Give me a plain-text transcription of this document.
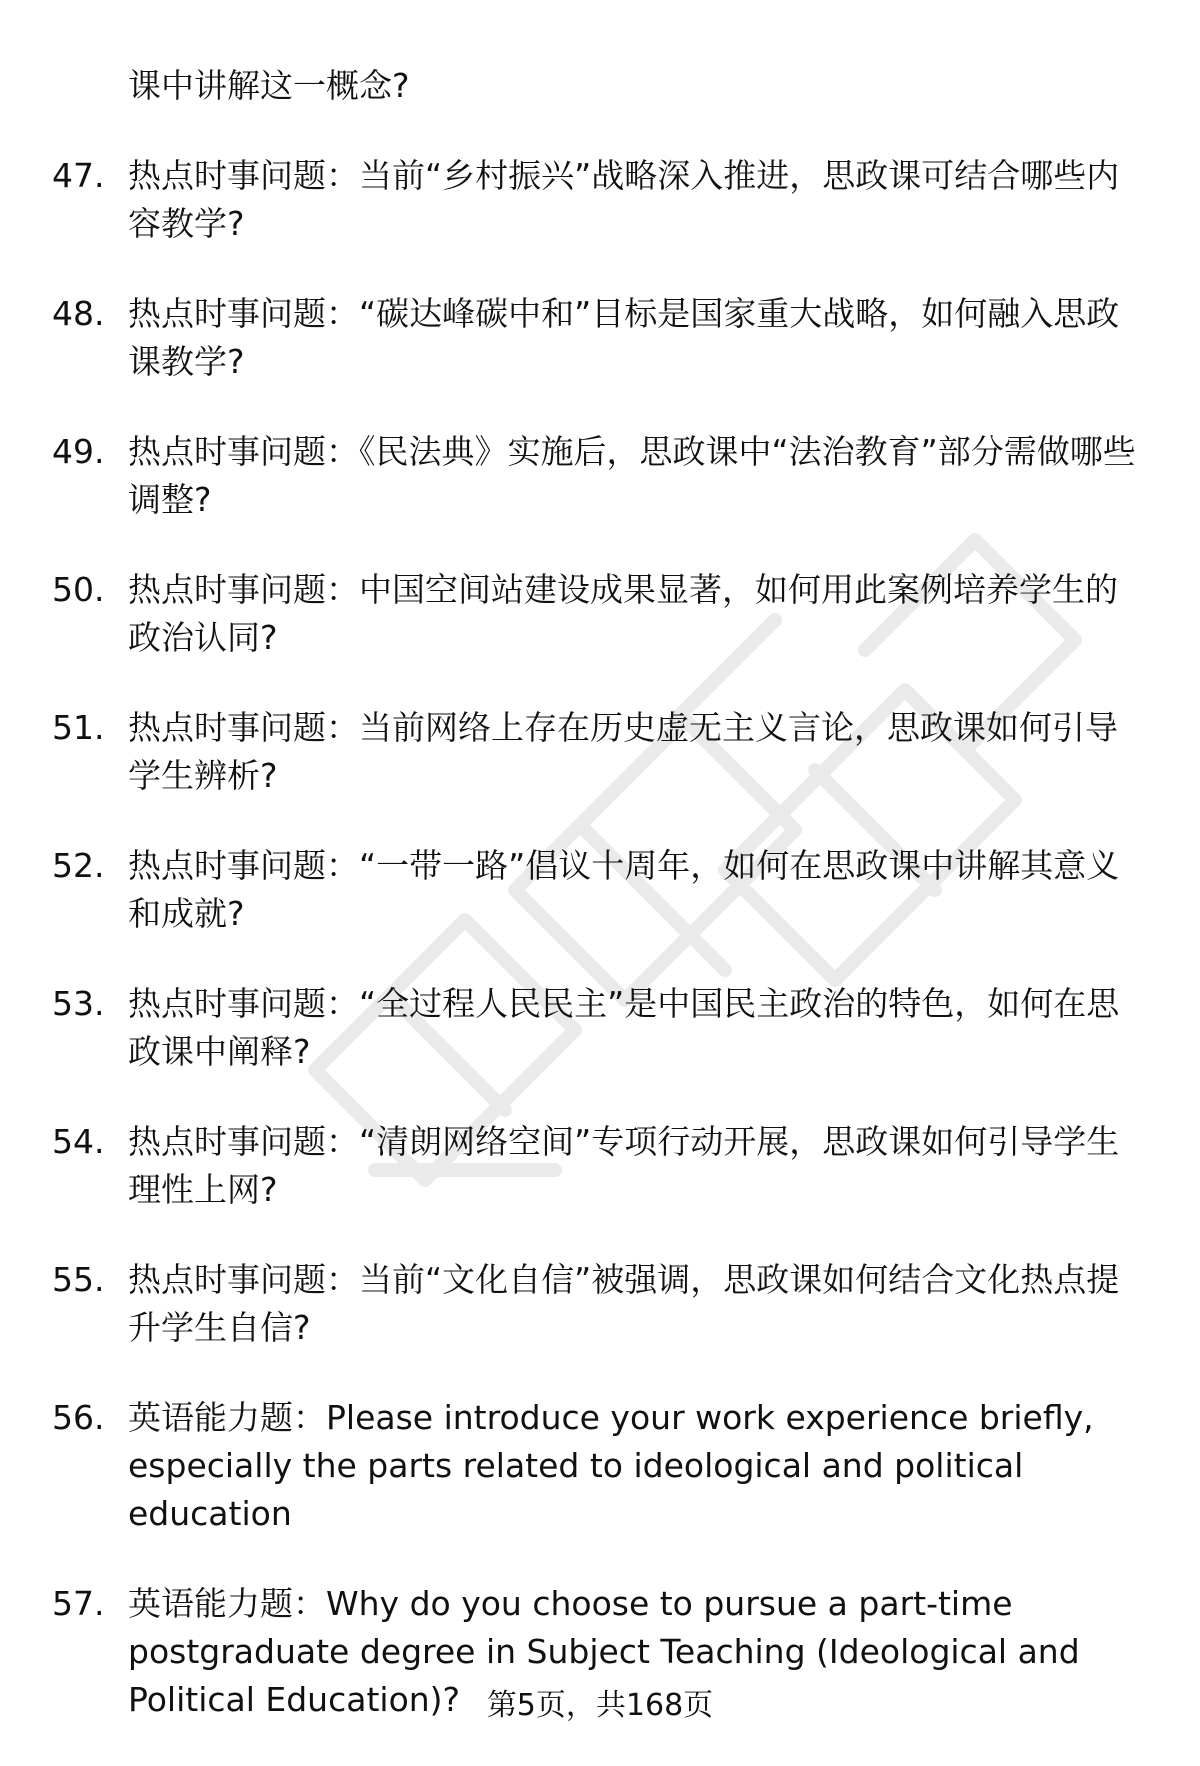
课中讲解这一概念?
47. 热点时事问题：当前“乡村振兴”战略深入推进，思政课可结合哪些内容教学?
48. 热点时事问题：“碳达峰碳中和”目标是国家重大战略，如何融入思政课教学?
49. 热点时事问题：《民法典》实施后，思政课中“法治教育”部分需做哪些调整?
50. 热点时事问题：中国空间站建设成果显著，如何用此案例培养学生的政治认同?
51. 热点时事问题：当前网络上存在历史虚无主义言论，思政课如何引导学生辨析?
52. 热点时事问题：“一带一路”倡议十周年，如何在思政课中讲解其意义和成就?
53. 热点时事问题：“全过程人民民主”是中国民主政治的特色，如何在思政课中阐释?
54. 热点时事问题：“清朗网络空间”专项行动开展，思政课如何引导学生理性上网?
55. 热点时事问题：当前“文化自信”被强调，思政课如何结合文化热点提升学生自信?
56. 英语能力题：Please introduce your work experience briefly, especially the parts related to ideological and political education
57. 英语能力题：Why do you choose to pursue a part-time postgraduate degree in Subject Teaching (Ideological and Political Education)? 第5页，共168页
